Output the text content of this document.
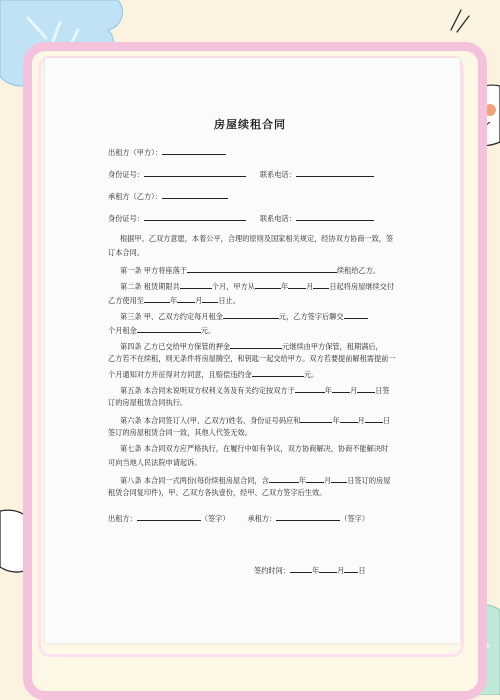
房屋续租合同
出租方（甲方）：
身份证号：	联系电话：
承租方（乙方）：
身份证号：	联系电话：
根据甲、乙双方意愿，本着公平，合理的原则及国家相关规定，经协双方协商一致，签
订本合同。
第一条 甲方将座落于	续租给乙方。
第二条 租赁期限共	个月，甲方从	年	月 日起将房屋继续交付
乙方使用至	年	月 日止。
第三条 甲、乙双方约定每月租金	元，乙方签字后聊交
个月租金	元。
第四条 乙方已交给甲方保管的押金	元继续由甲方保管，租期满后，
乙方若不在续租，则无条件将房屋腾空，和钥匙一起交给甲方。双方若要提前解租需提前一
个月通知对方并征得对方同意，且赔偿违约金	元。
第五条 本合同未说明双方权利义务及有关约定按双方于	年	月	日签
订的房屋租赁合同执行。
第六条 本合同签订人(甲、乙双方)姓名、身份证号码应和	年	月	日
签订的房屋租赁合同一致，其他人代签无效。
第七条 本合同双方应严格执行，在履行中如有争议，双方协商解决，协商不能解决时
可向当地人民法院申请起诉。
第八条 本合同一式两份(每份续租房屋合同，含	年	月 日签订的房屋
租赁合同复印件)，甲、乙双方各执壹份，经甲、乙双方签字后生效。
出租方：	（签字）	承租方：	（签字）
签约时间：	年	月 日
